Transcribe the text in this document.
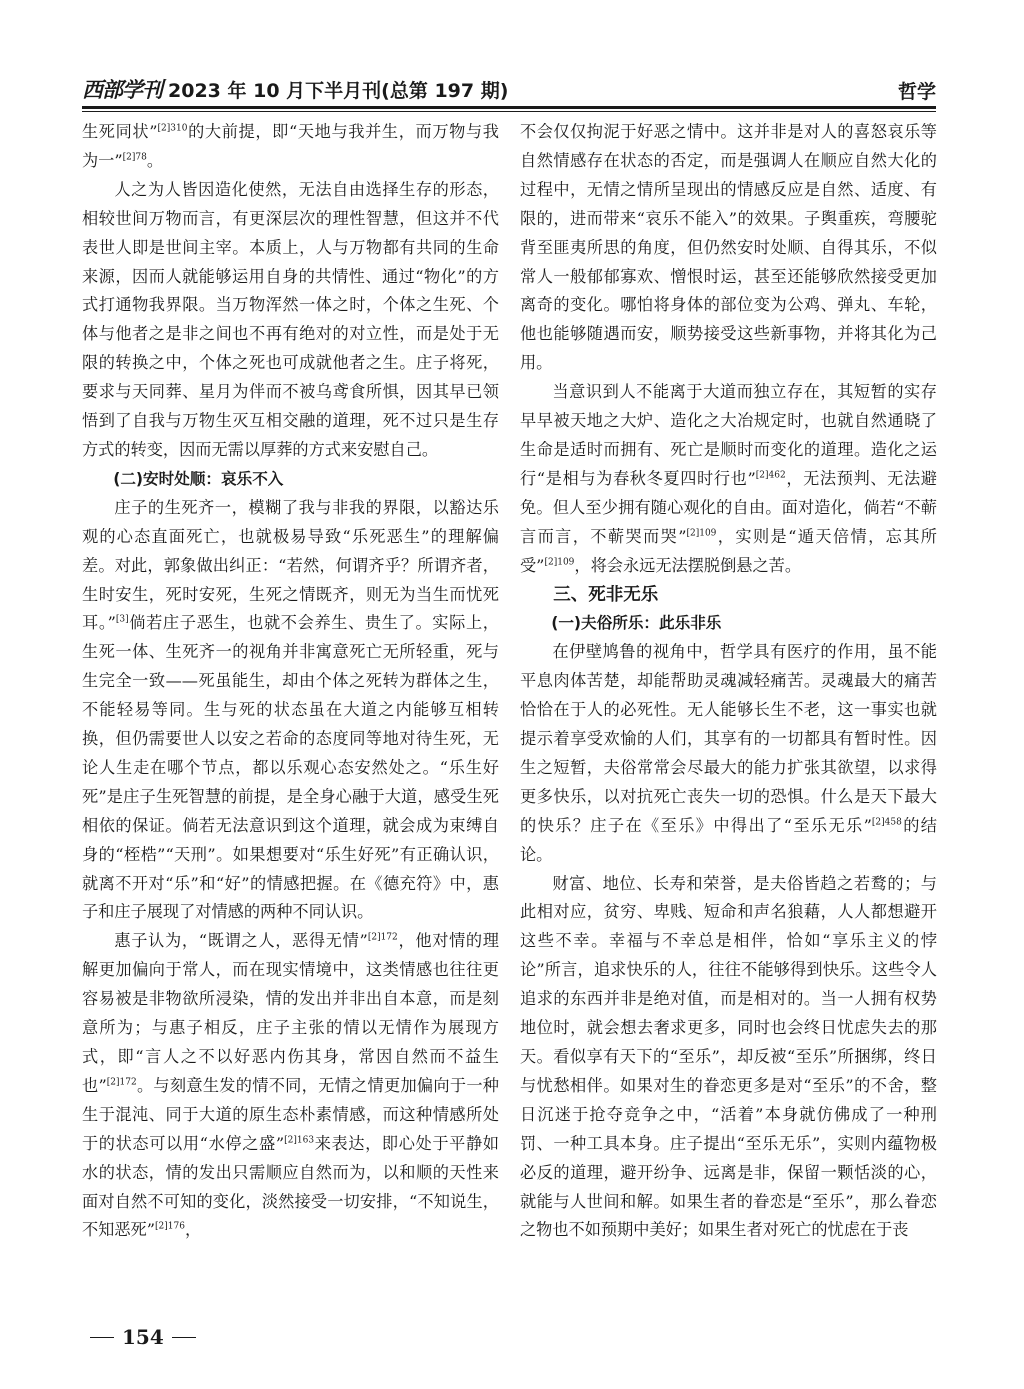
西部学刊 2023 年 10 月下半月刊(总第 197 期)	哲学

生死同状”$^{[2]310}$的大前提，即“天地与我并生，而万物与我为一”$^{[2]78}$。

人之为人皆因造化使然，无法自由选择生存的形态，相较世间万物而言，有更深层次的理性智慧，但这并不代表世人即是世间主宰。本质上，人与万物都有共同的生命来源，因而人就能够运用自身的共情性、通过“物化”的方式打通物我界限。当万物浑然一体之时，个体之生死、个体与他者之是非之间也不再有绝对的对立性，而是处于无限的转换之中，个体之死也可成就他者之生。庄子将死，要求与天同葬、星月为伴而不被乌鸢食所惧，因其早已领悟到了自我与万物生灭互相交融的道理，死不过只是生存方式的转变，因而无需以厚葬的方式来安慰自己。

(二)安时处顺：哀乐不入

庄子的生死齐一，模糊了我与非我的界限，以豁达乐观的心态直面死亡，也就极易导致“乐死恶生”的理解偏差。对此，郭象做出纠正：“若然，何谓齐乎？所谓齐者，生时安生，死时安死，生死之情既齐，则无为当生而忧死耳。”[3]倘若庄子恶生，也就不会养生、贵生了。实际上，生死一体、生死齐一的视角并非寓意死亡无所轻重，死与生完全一致——死虽能生，却由个体之死转为群体之生，不能轻易等同。生与死的状态虽在大道之内能够互相转换，但仍需要世人以安之若命的态度同等地对待生死，无论人生走在哪个节点，都以乐观心态安然处之。“乐生好死”是庄子生死智慧的前提，是全身心融于大道，感受生死相依的保证。倘若无法意识到这个道理，就会成为束缚自身的“桎梏”“天刑”。如果想要对“乐生好死”有正确认识，就离不开对“乐”和“好”的情感把握。在《德充符》中，惠子和庄子展现了对情感的两种不同认识。

惠子认为，“既谓之人，恶得无情”$^{[2]172}$，他对情的理解更加偏向于常人，而在现实情境中，这类情感也往往更容易被是非物欲所浸染，情的发出并非出自本意，而是刻意所为；与惠子相反，庄子主张的情以无情作为展现方式，即“言人之不以好恶内伤其身，常因自然而不益生也”$^{[2]172}$。与刻意生发的情不同，无情之情更加偏向于一种生于混沌、同于大道的原生态朴素情感，而这种情感所处于的状态可以用“水停之盛”$^{[2]163}$来表达，即心处于平静如水的状态，情的发出只需顺应自然而为，以和顺的天性来面对自然不可知的变化，淡然接受一切安排，“不知说生，不知恶死”$^{[2]176}$，

不会仅仅拘泥于好恶之情中。这并非是对人的喜怒哀乐等自然情感存在状态的否定，而是强调人在顺应自然大化的过程中，无情之情所呈现出的情感反应是自然、适度、有限的，进而带来“哀乐不能入”的效果。子舆重疾，弯腰驼背至匪夷所思的角度，但仍然安时处顺、自得其乐，不似常人一般郁郁寡欢、憎恨时运，甚至还能够欣然接受更加离奇的变化。哪怕将身体的部位变为公鸡、弹丸、车轮，他也能够随遇而安，顺势接受这些新事物，并将其化为己用。

当意识到人不能离于大道而独立存在，其短暂的实存早早被天地之大炉、造化之大冶规定时，也就自然通晓了生命是适时而拥有、死亡是顺时而变化的道理。造化之运行“是相与为春秋冬夏四时行也”$^{[2]462}$，无法预判、无法避免。但人至少拥有随心观化的自由。面对造化，倘若“不蕲言而言，不蕲哭而哭”$^{[2]109}$，实则是“遁天倍情，忘其所受”$^{[2]109}$，将会永远无法摆脱倒悬之苦。

三、死非无乐
(一)夫俗所乐：此乐非乐

在伊壁鸠鲁的视角中，哲学具有医疗的作用，虽不能平息肉体苦楚，却能帮助灵魂减轻痛苦。灵魂最大的痛苦恰恰在于人的必死性。无人能够长生不老，这一事实也就提示着享受欢愉的人们，其享有的一切都具有暂时性。因生之短暂，夫俗常常会尽最大的能力扩张其欲望，以求得更多快乐，以对抗死亡丧失一切的恐惧。什么是天下最大的快乐？庄子在《至乐》中得出了“至乐无乐”$^{[2]458}$的结论。

财富、地位、长寿和荣誉，是夫俗皆趋之若鹜的；与此相对应，贫穷、卑贱、短命和声名狼藉，人人都想避开这些不幸。幸福与不幸总是相伴，恰如“享乐主义的悖论”所言，追求快乐的人，往往不能够得到快乐。这些令人追求的东西并非是绝对值，而是相对的。当一人拥有权势地位时，就会想去奢求更多，同时也会终日忧虑失去的那天。看似享有天下的“至乐”，却反被“至乐”所捆绑，终日与忧愁相伴。如果对生的眷恋更多是对“至乐”的不舍，整日沉迷于抢夺竞争之中，“活着”本身就仿佛成了一种刑罚、一种工具本身。庄子提出“至乐无乐”，实则内蕴物极必反的道理，避开纷争、远离是非，保留一颗恬淡的心，就能与人世间和解。如果生者的眷恋是“至乐”，那么眷恋之物也不如预期中美好；如果生者对死亡的忧虑在于丧

154
